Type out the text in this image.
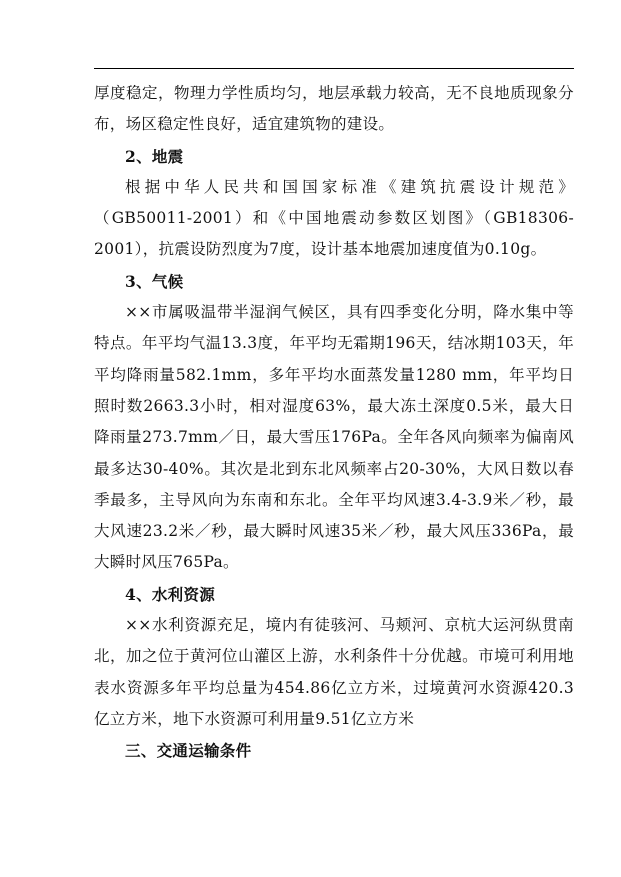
厚度稳定，物理力学性质均匀，地层承载力较高，无不良地质现象分布，场区稳定性良好，适宜建筑物的建设。

2、地震

根据中华人民共和国国家标准《建筑抗震设计规范》（GB50011-2001）和《中国地震动参数区划图》（GB18306-2001），抗震设防烈度为7度，设计基本地震加速度值为0.10g。

3、气候

××市属吸温带半湿润气候区，具有四季变化分明，降水集中等特点。年平均气温13.3度，年平均无霜期196天，结冰期103天，年平均降雨量582.1mm，多年平均水面蒸发量1280 mm，年平均日照时数2663.3小时，相对湿度63%，最大冻土深度0.5米，最大日降雨量273.7mm／日，最大雪压176Pa。全年各风向频率为偏南风最多达30-40%。其次是北到东北风频率占20-30%，大风日数以春季最多，主导风向为东南和东北。全年平均风速3.4-3.9米／秒，最大风速23.2米／秒，最大瞬时风速35米／秒，最大风压336Pa，最大瞬时风压765Pa。

4、水利资源

××水利资源充足，境内有徒骇河、马颊河、京杭大运河纵贯南北，加之位于黄河位山灌区上游，水利条件十分优越。市境可利用地表水资源多年平均总量为454.86亿立方米，过境黄河水资源420.3亿立方米，地下水资源可利用量9.51亿立方米

三、交通运输条件
